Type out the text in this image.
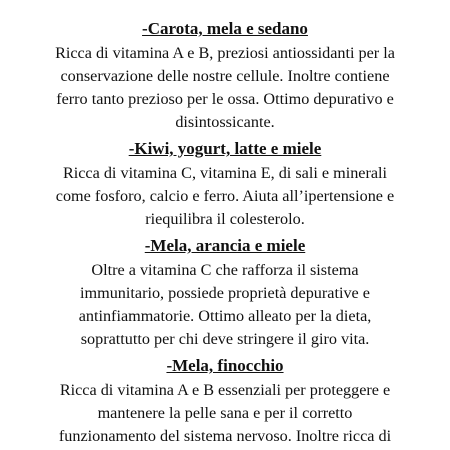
-Carota, mela e sedano

Ricca di vitamina A e B, preziosi antiossidanti per la
conservazione delle nostre cellule. Inoltre contiene
ferro tanto prezioso per le ossa. Ottimo depurativo e
disintossicante.

-Kiwi, yogurt, latte e miele

Ricca di vitamina C, vitamina E, di sali e minerali
come fosforo, calcio e ferro. Aiuta all’ipertensione e
riequilibra il colesterolo.

-Mela, arancia e miele

Oltre a vitamina C che rafforza il sistema
immunitario, possiede proprietà depurative e
antinfiammatorie. Ottimo alleato per la dieta,
soprattutto per chi deve stringere il giro vita.

-Mela, finocchio

Ricca di vitamina A e B essenziali per proteggere e
mantenere la pelle sana e per il corretto
funzionamento del sistema nervoso. Inoltre ricca di
